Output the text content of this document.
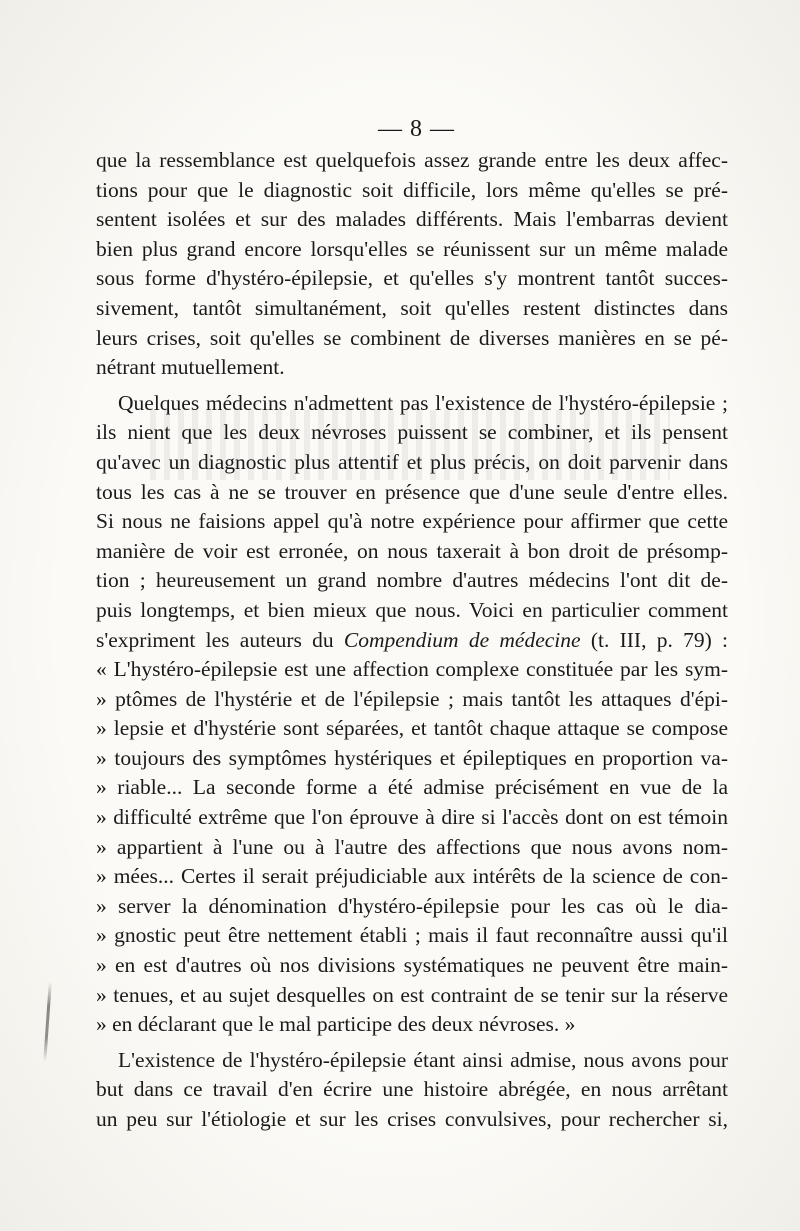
— 8 —
que la ressemblance est quelquefois assez grande entre les deux affec-
tions pour que le diagnostic soit difficile, lors même qu'elles se pré-
sentent isolées et sur des malades différents. Mais l'embarras devient
bien plus grand encore lorsqu'elles se réunissent sur un même malade
sous forme d'hystéro-épilepsie, et qu'elles s'y montrent tantôt succes-
sivement, tantôt simultanément, soit qu'elles restent distinctes dans
leurs crises, soit qu'elles se combinent de diverses manières en se pé-
nétrant mutuellement.
Quelques médecins n'admettent pas l'existence de l'hystéro-épilepsie ;
ils nient que les deux névroses puissent se combiner, et ils pensent
qu'avec un diagnostic plus attentif et plus précis, on doit parvenir dans
tous les cas à ne se trouver en présence que d'une seule d'entre elles.
Si nous ne faisions appel qu'à notre expérience pour affirmer que cette
manière de voir est erronée, on nous taxerait à bon droit de présomp-
tion ; heureusement un grand nombre d'autres médecins l'ont dit de-
puis longtemps, et bien mieux que nous. Voici en particulier comment
s'expriment les auteurs du Compendium de médecine (t. III, p. 79) :
« L'hystéro-épilepsie est une affection complexe constituée par les sym-
» ptômes de l'hystérie et de l'épilepsie ; mais tantôt les attaques d'épi-
» lepsie et d'hystérie sont séparées, et tantôt chaque attaque se compose
» toujours des symptômes hystériques et épileptiques en proportion va-
» riable... La seconde forme a été admise précisément en vue de la
» difficulté extrême que l'on éprouve à dire si l'accès dont on est témoin
» appartient à l'une ou à l'autre des affections que nous avons nom-
» mées... Certes il serait préjudiciable aux intérêts de la science de con-
» server la dénomination d'hystéro-épilepsie pour les cas où le dia-
» gnostic peut être nettement établi ; mais il faut reconnaître aussi qu'il
» en est d'autres où nos divisions systématiques ne peuvent être main-
» tenues, et au sujet desquelles on est contraint de se tenir sur la réserve
» en déclarant que le mal participe des deux névroses. »
L'existence de l'hystéro-épilepsie étant ainsi admise, nous avons pour
but dans ce travail d'en écrire une histoire abrégée, en nous arrêtant
un peu sur l'étiologie et sur les crises convulsives, pour rechercher si,
